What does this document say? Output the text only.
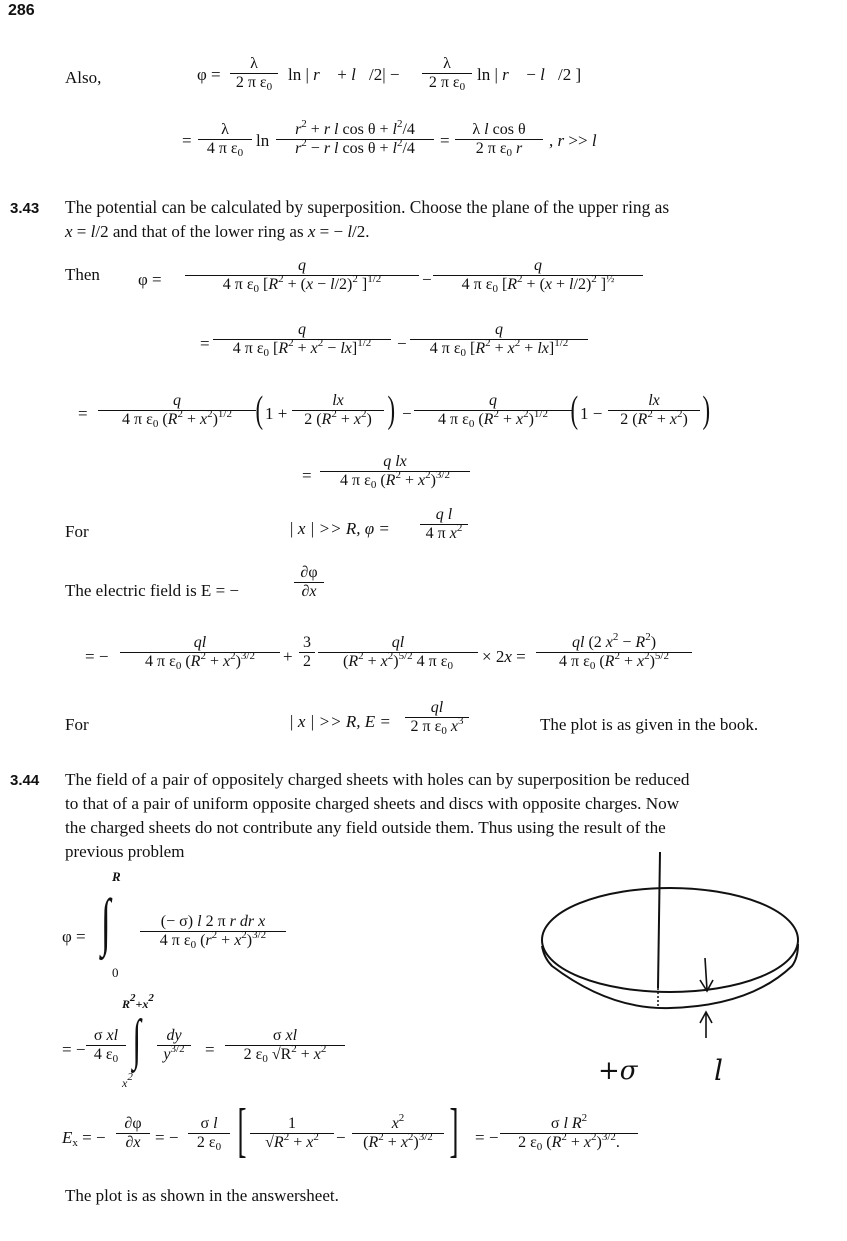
286
Also,	φ =
λ
2 π $\varepsilon_0$
ln | r⃗ + l⃗/2| −
λ
2 π $\varepsilon_0$
ln | r⃗ − l⃗/2 ]
=
λ
4 π $\varepsilon_0$
ln
$r^2 + r$ l $\cos \theta + l^2/4$
$r^2 - r$ l $\cos \theta + l^2/4$	=
λ l cos θ
2 π $\varepsilon_0$ r	, r >> l
3.43 The potential can be calculated by superposition. Choose the plane of the upper ring as
x = l/2 and that of the lower ring as x = − l/2.
Then φ =
q
4 π $\varepsilon_0$ [$R^2 + (x - l/2)^2$ ]$^{1/2}$	−
q
4 π $\varepsilon_0$ [$R^2 + (x + l/2)^2$ ]$^{\frac{1}{2}}$
=
q
4 π $\varepsilon_0$ $[R^2 + x^2 - lx]^{1/2}$	−
q
4 π $\varepsilon_0$ $[R^2 + x^2 + lx]^{1/2}$
=
q
4 π $\varepsilon_0$ $(R^2 + x^2)^{1/2}$ ( 1 +
lx
2 $(R^2 + x^2)$ ) −
q
4 π $\varepsilon_0$ $(R^2 + x^2)^{1/2}$ ( 1 −
lx
2 $(R^2 + x^2)$ )
=
q lx
4 π $\varepsilon_0$ $(R^2 + x^2)^{3/2}$
For	| x | >> R, φ =
q l
4 π $x^2$
The electric field is E = −
∂φ
∂x
= −
ql
4 π $\varepsilon_0$ $(R^2 + x^2)^{3/2}$	+
3
2
ql
$(R^2 + x^2)^{5/2}$ 4 π $\varepsilon_0$	× 2x =
ql (2 $x^2 - R^2$)
4 π $\varepsilon_0$ $(R^2 + x^2)^{5/2}$
For	| x | >> R, E =
ql
2 π $\varepsilon_0$ $x^3$	The plot is as given in the book.
3.44 The field of a pair of oppositely charged sheets with holes can by superposition be reduced
to that of a pair of uniform opposite charged sheets and discs with opposite charges. Now
the charged sheets do not contribute any field outside them. Thus using the result of the
previous problem
R
φ = ∫
0
(− σ) l 2 π r dr x
4 π $\varepsilon_0$ $(r^2 + x^2)^{3/2}$
$R^2+x^2$
= −
σ xl
4 $\varepsilon_0$ ∫
$x^2$
dy
$y^{3/2}$	=
σ xl
2 $\varepsilon_0$ $√R^2 + x^2$
$E_x$ = −
∂φ
∂x = −
σ l
2 $\varepsilon_0$ [	1
$√R^2 + x^2$	−
$x^2$
$(R^2 + x^2)^{3/2}$ ] = −
σ l $R^2$
2 $\varepsilon_0$ $(R^2 + x^2)^{3/2}$.
The plot is as shown in the answersheet.
+σ	l
